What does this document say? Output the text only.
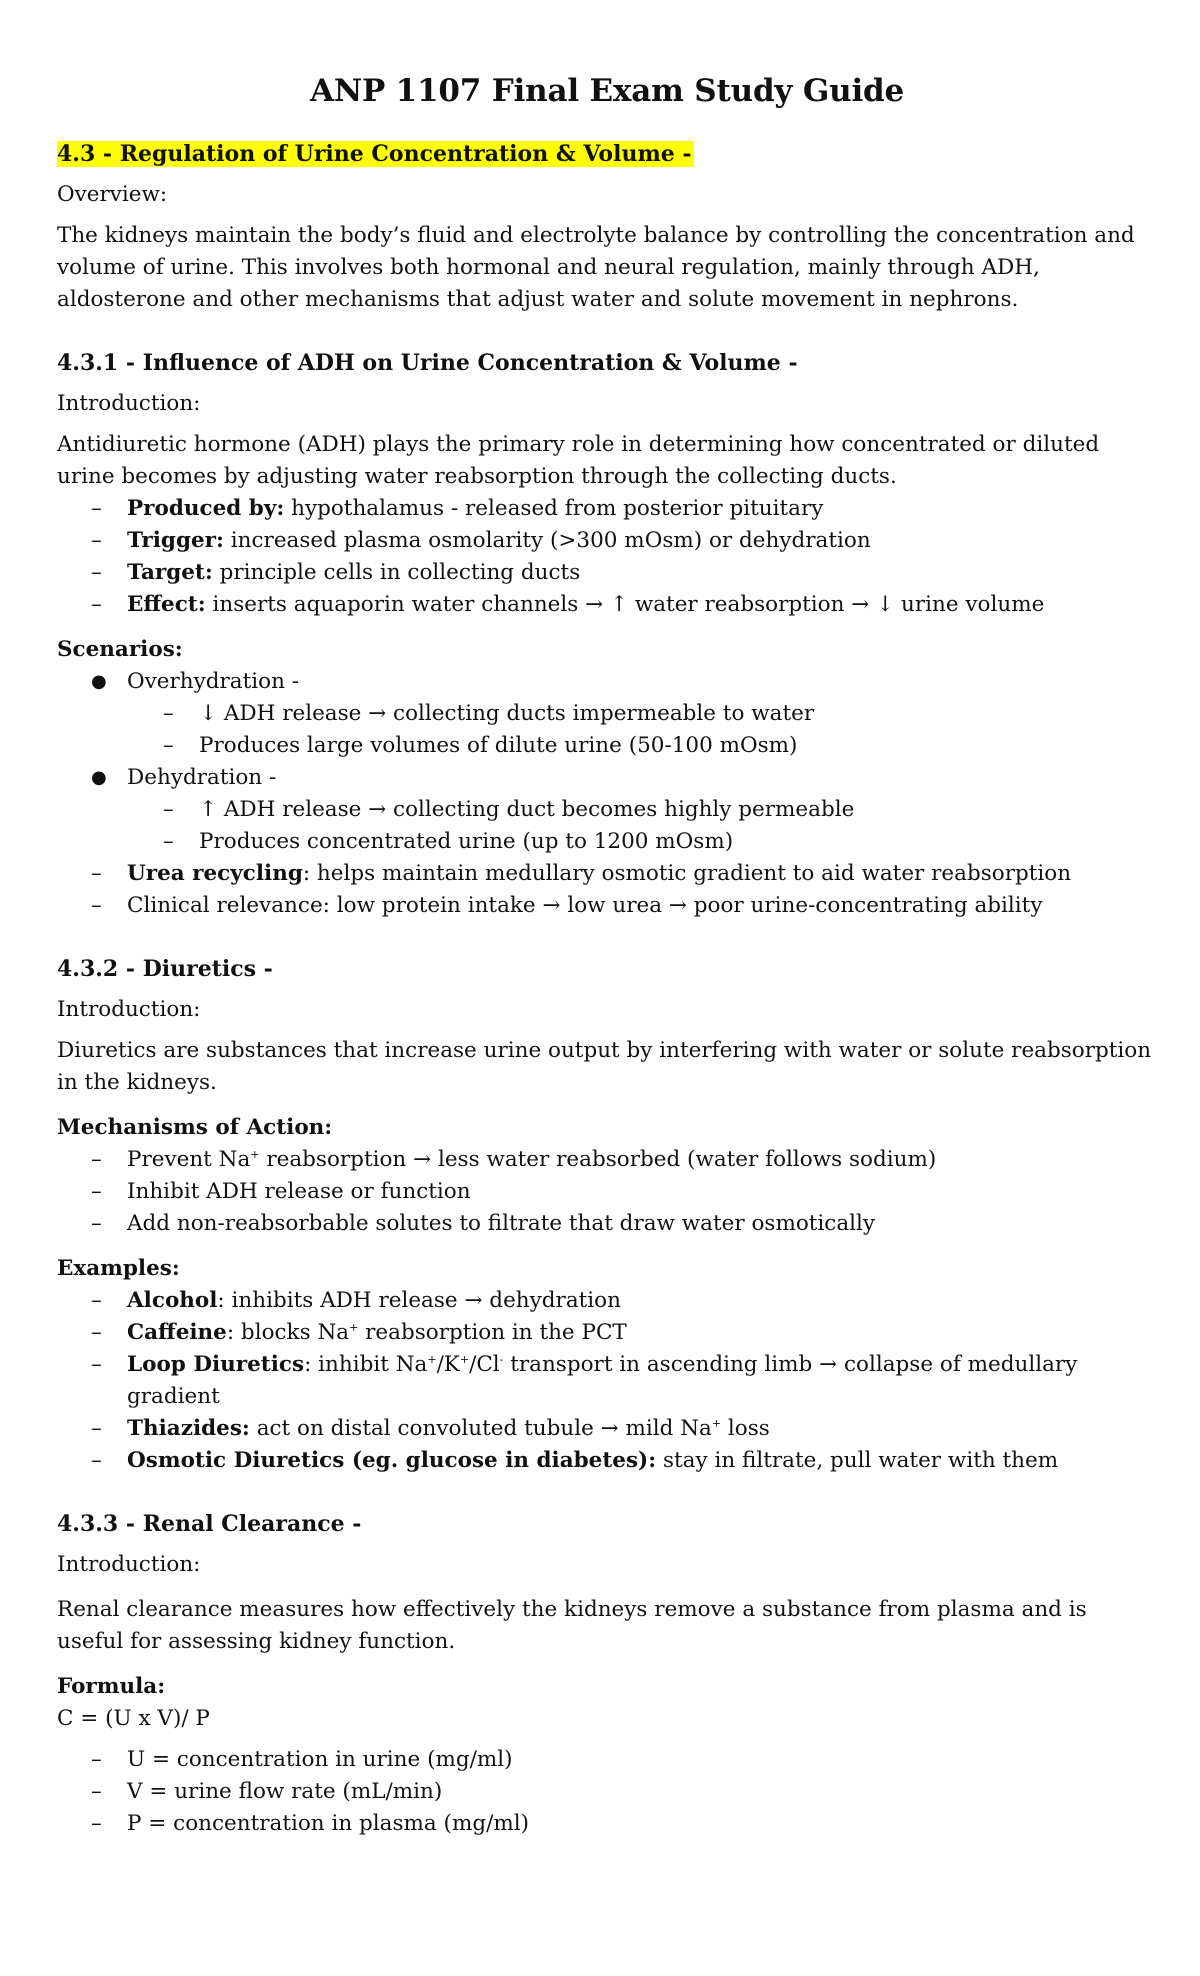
ANP 1107 Final Exam Study Guide
4.3 - Regulation of Urine Concentration & Volume -

Overview:

The kidneys maintain the body’s fluid and electrolyte balance by controlling the concentration and volume of urine. This involves both hormonal and neural regulation, mainly through ADH, aldosterone and other mechanisms that adjust water and solute movement in nephrons.

4.3.1 - Influence of ADH on Urine Concentration & Volume -

Introduction:

Antidiuretic hormone (ADH) plays the primary role in determining how concentrated or diluted urine becomes by adjusting water reabsorption through the collecting ducts.

– Produced by: hypothalamus - released from posterior pituitary
– Trigger: increased plasma osmolarity (>300 mOsm) or dehydration
– Target: principle cells in collecting ducts
– Effect: inserts aquaporin water channels → ↑ water reabsorption → ↓ urine volume

Scenarios:

● Overhydration -
– ↓ ADH release → collecting ducts impermeable to water
– Produces large volumes of dilute urine (50-100 mOsm)
● Dehydration -
– ↑ ADH release → collecting duct becomes highly permeable
– Produces concentrated urine (up to 1200 mOsm)
– Urea recycling: helps maintain medullary osmotic gradient to aid water reabsorption
– Clinical relevance: low protein intake → low urea → poor urine-concentrating ability
4.3.2 - Diuretics -

Introduction:

Diuretics are substances that increase urine output by interfering with water or solute reabsorption in the kidneys.

Mechanisms of Action:

– Prevent Na+ reabsorption → less water reabsorbed (water follows sodium)
– Inhibit ADH release or function
– Add non-reabsorbable solutes to filtrate that draw water osmotically

Examples:

– Alcohol: inhibits ADH release → dehydration
– Caffeine: blocks Na+ reabsorption in the PCT
– Loop Diuretics: inhibit Na+/K+/Cl- transport in ascending limb → collapse of medullary gradient
– Thiazides: act on distal convoluted tubule → mild Na+ loss
– Osmotic Diuretics (eg. glucose in diabetes): stay in filtrate, pull water with them
4.3.3 - Renal Clearance -

Introduction:

Renal clearance measures how effectively the kidneys remove a substance from plasma and is useful for assessing kidney function.

Formula:

C = (U x V)/ P

– U = concentration in urine (mg/ml)
– V = urine flow rate (mL/min)
– P = concentration in plasma (mg/ml)
